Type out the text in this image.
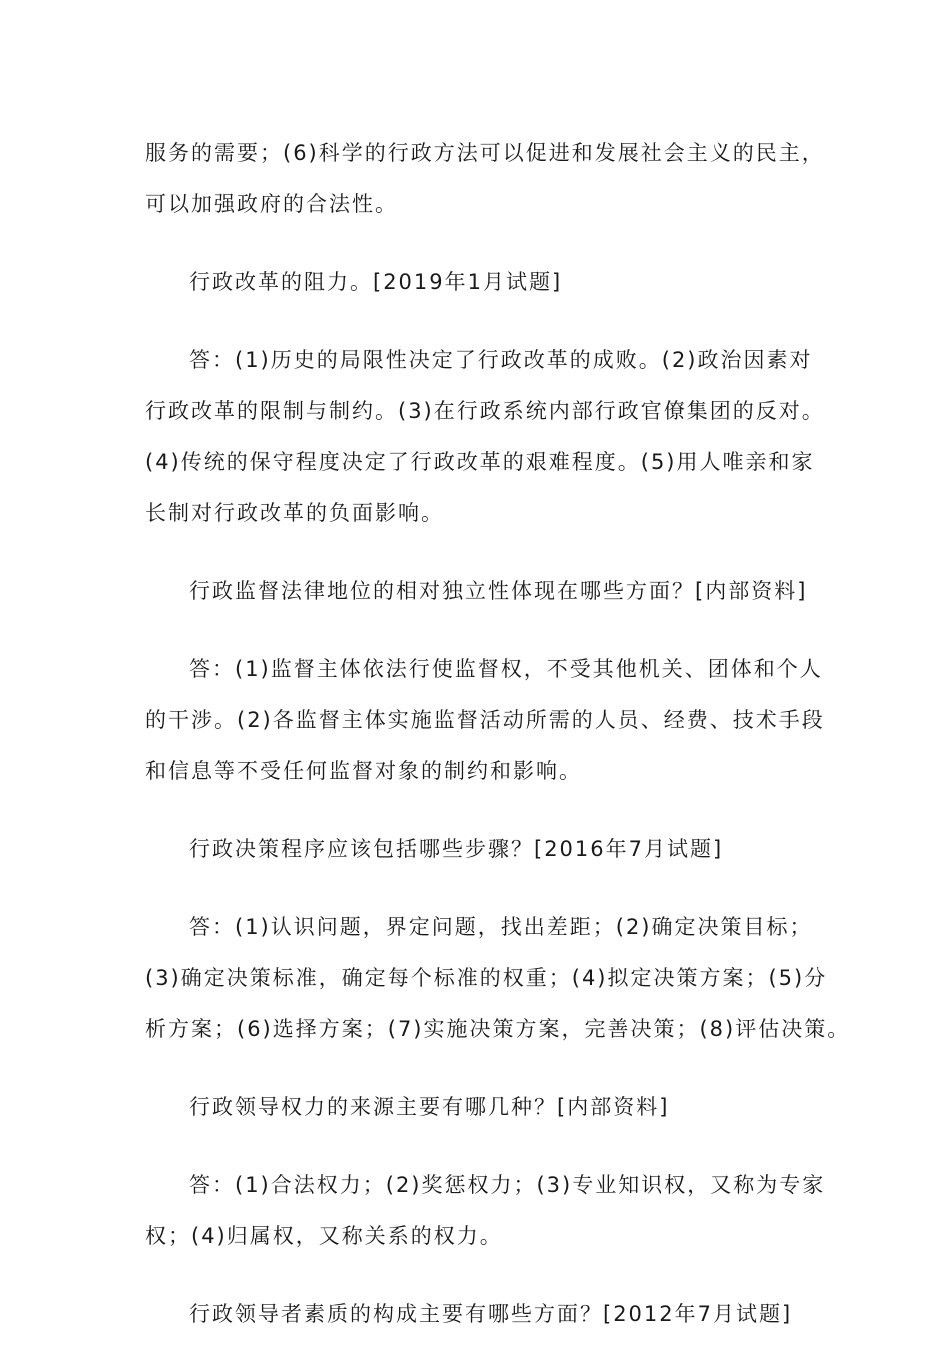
服务的需要；(6)科学的行政方法可以促进和发展社会主义的民主，
可以加强政府的合法性。
行政改革的阻力。[2019年1月试题]
答：(1)历史的局限性决定了行政改革的成败。(2)政治因素对
行政改革的限制与制约。(3)在行政系统内部行政官僚集团的反对。
(4)传统的保守程度决定了行政改革的艰难程度。(5)用人唯亲和家
长制对行政改革的负面影响。
行政监督法律地位的相对独立性体现在哪些方面？[内部资料]
答：(1)监督主体依法行使监督权，不受其他机关、团体和个人
的干涉。(2)各监督主体实施监督活动所需的人员、经费、技术手段
和信息等不受任何监督对象的制约和影响。
行政决策程序应该包括哪些步骤？[2016年7月试题]
答：(1)认识问题，界定问题，找出差距；(2)确定决策目标；
(3)确定决策标准，确定每个标准的权重；(4)拟定决策方案；(5)分
析方案；(6)选择方案；(7)实施决策方案，完善决策；(8)评估决策。
行政领导权力的来源主要有哪几种？[内部资料]
答：(1)合法权力；(2)奖惩权力；(3)专业知识权，又称为专家
权；(4)归属权，又称关系的权力。
行政领导者素质的构成主要有哪些方面？[2012年7月试题]
